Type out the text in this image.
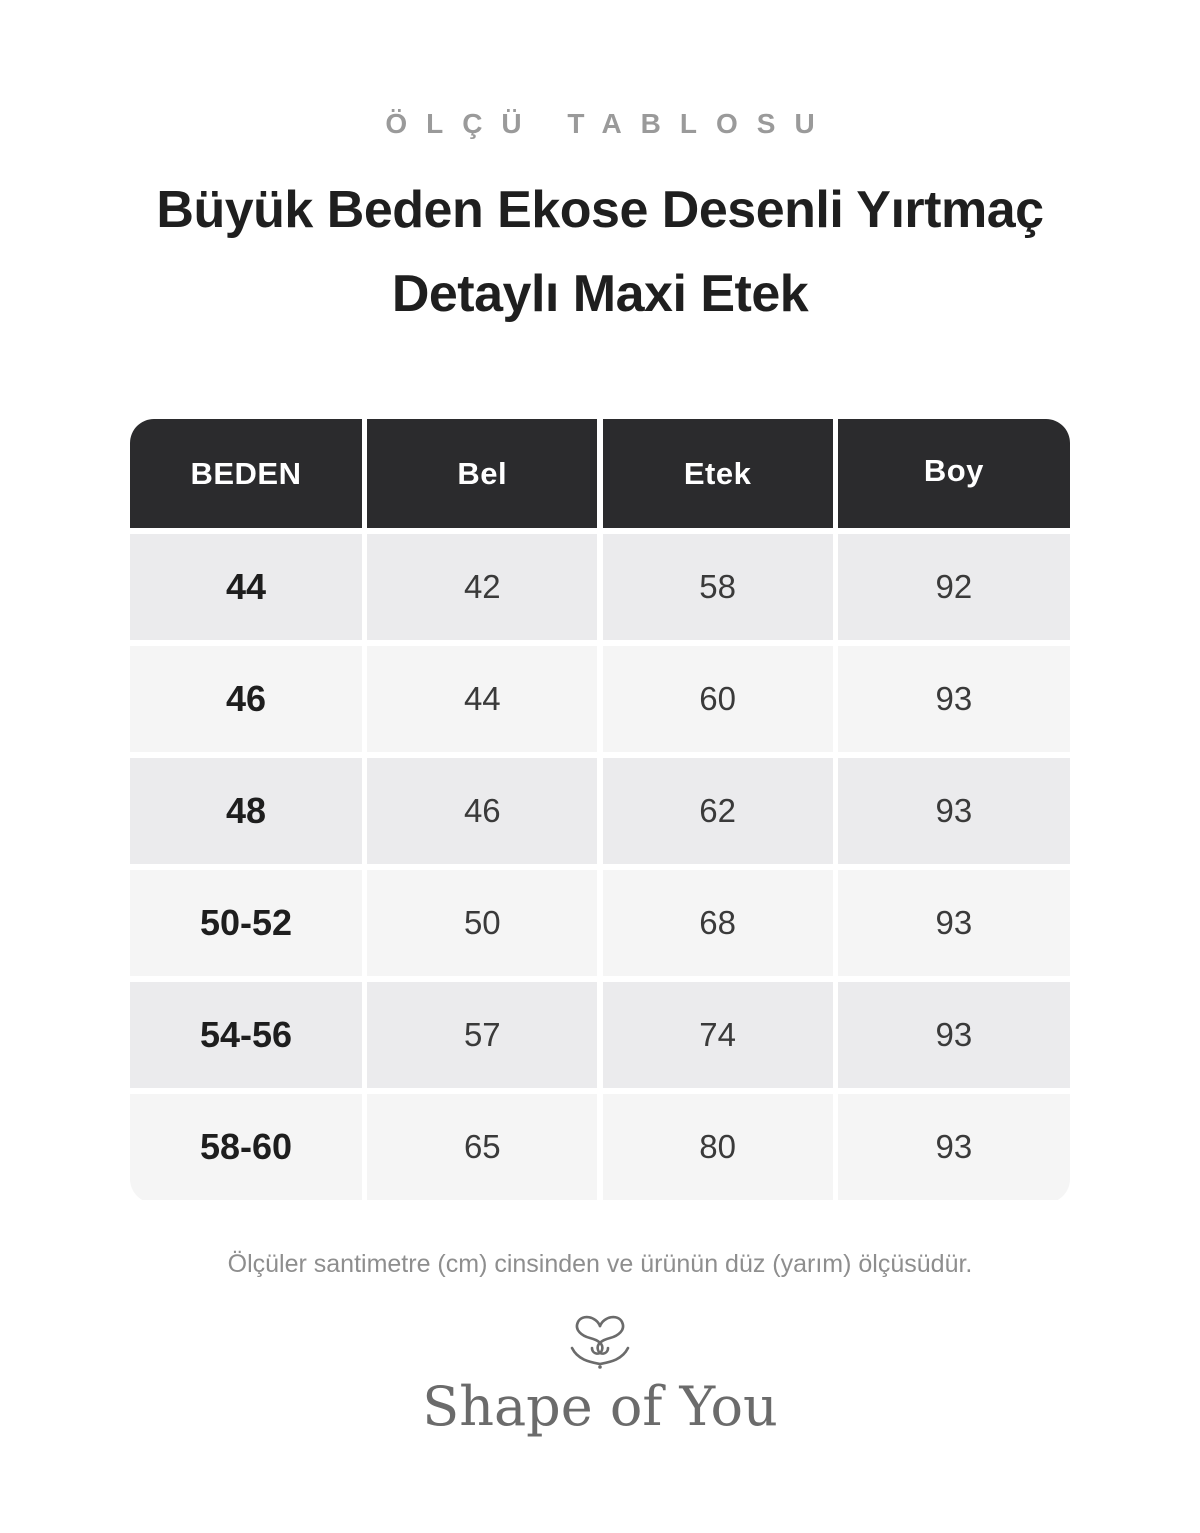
ÖLÇÜ TABLOSU
Büyük Beden Ekose Desenli Yırtmaç Detaylı Maxi Etek
BEDEN	Bel	Etek	Boy
44	42	58	92
46	44	60	93
48	46	62	93
50-52	50	68	93
54-56	57	74	93
58-60	65	80	93
Ölçüler santimetre (cm) cinsinden ve ürünün düz (yarım) ölçüsüdür.
Shape of You
